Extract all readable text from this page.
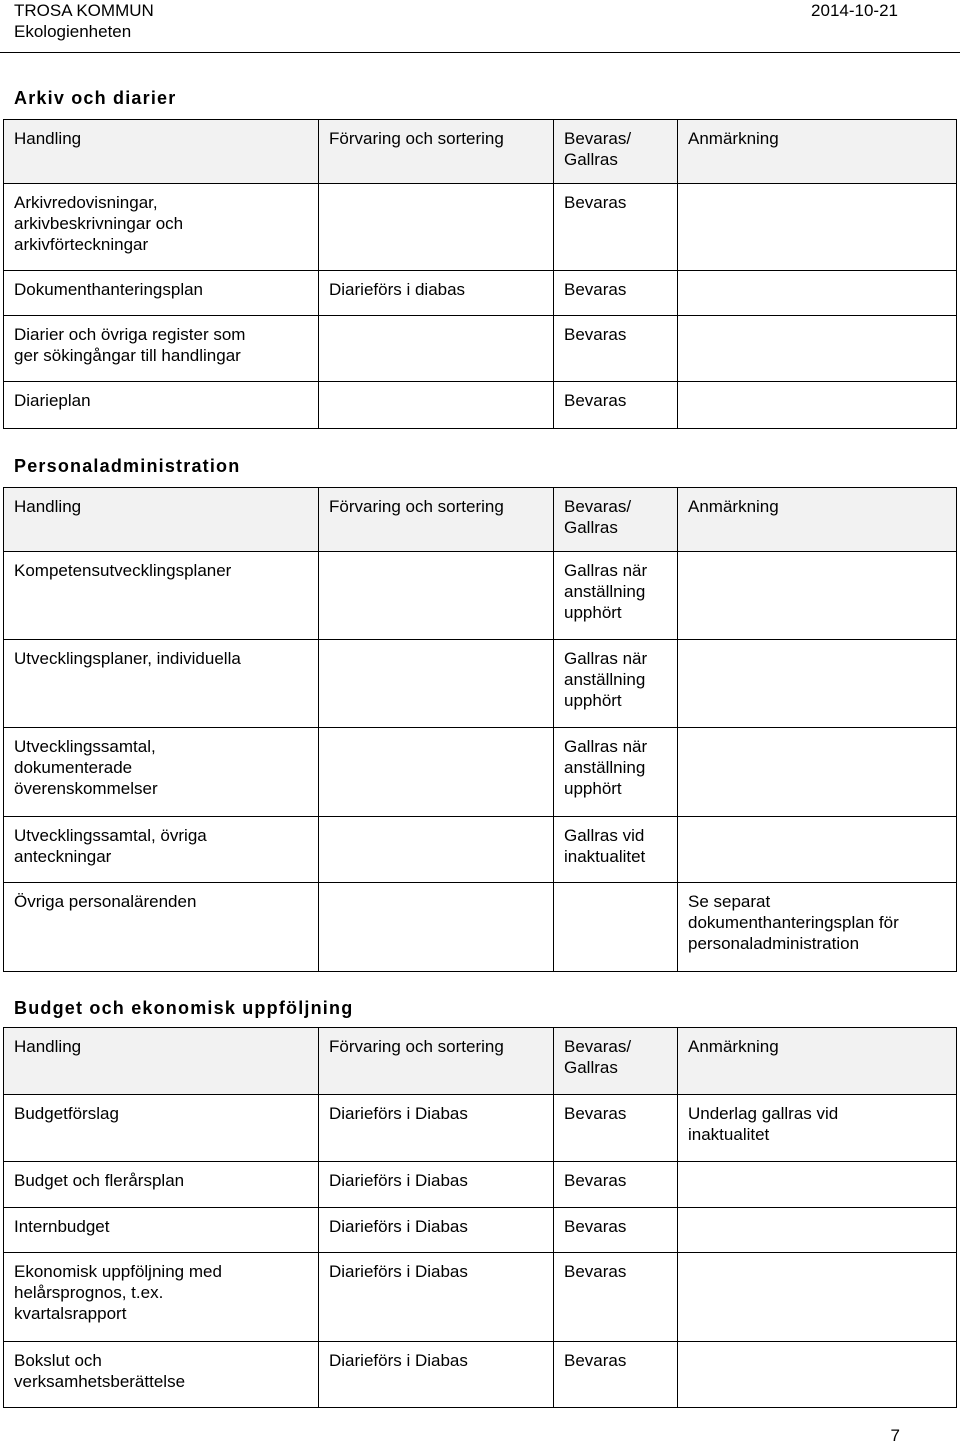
TROSA KOMMUN
Ekologienheten
2014-10-21
Arkiv och diarier
Handling	Förvaring och sortering	Bevaras/
Gallras	Anmärkning
Arkivredovisningar,
arkivbeskrivningar och
arkivförteckningar		Bevaras	
Dokumenthanteringsplan	Diarieförs i diabas	Bevaras	
Diarier och övriga register som
ger sökingångar till handlingar		Bevaras	
Diarieplan		Bevaras	
Personaladministration
Handling	Förvaring och sortering	Bevaras/
Gallras	Anmärkning
Kompetensutvecklingsplaner		Gallras när
anställning
upphört	
Utvecklingsplaner, individuella		Gallras när
anställning
upphört	
Utvecklingssamtal,
dokumenterade
överenskommelser		Gallras när
anställning
upphört	
Utvecklingssamtal, övriga
anteckningar		Gallras vid
inaktualitet	
Övriga personalärenden			Se separat
dokumenthanteringsplan för
personaladministration
Budget och ekonomisk uppföljning
Handling	Förvaring och sortering	Bevaras/
Gallras	Anmärkning
Budgetförslag	Diarieförs i Diabas	Bevaras	Underlag gallras vid
inaktualitet
Budget och flerårsplan	Diarieförs i Diabas	Bevaras	
Internbudget	Diarieförs i Diabas	Bevaras	
Ekonomisk uppföljning med
helårsprognos, t.ex.
kvartalsrapport	Diarieförs i Diabas	Bevaras	
Bokslut och
verksamhetsberättelse	Diarieförs i Diabas	Bevaras	
7
